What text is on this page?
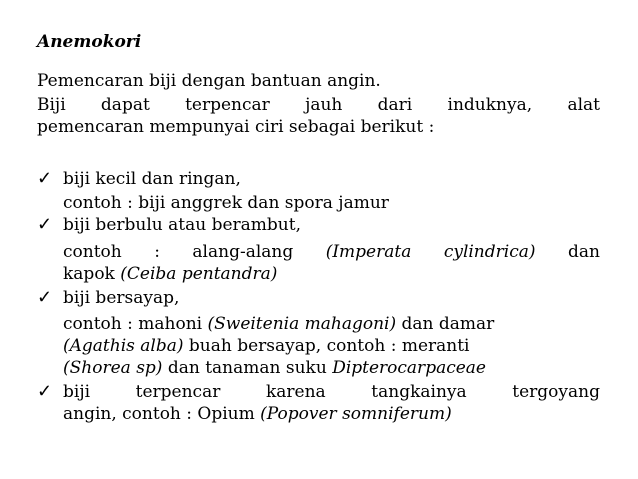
Anemokori
Pemencaran biji dengan bantuan angin.
Biji dapat terpencar jauh dari induknya, alat
pemencaran mempunyai ciri sebagai berikut :
✓ biji kecil dan ringan,
contoh : biji anggrek dan spora jamur
✓ biji berbulu atau berambut,
contoh : alang-alang (Imperata cylindrica) dan
kapok (Ceiba pentandra)
✓ biji bersayap,
contoh : mahoni (Sweitenia mahagoni) dan damar
(Agathis alba) buah bersayap, contoh : meranti
(Shorea sp) dan tanaman suku Dipterocarpaceae
✓ biji	terpencar	karena	tangkainya	tergoyang
angin, contoh : Opium (Popover somniferum)
